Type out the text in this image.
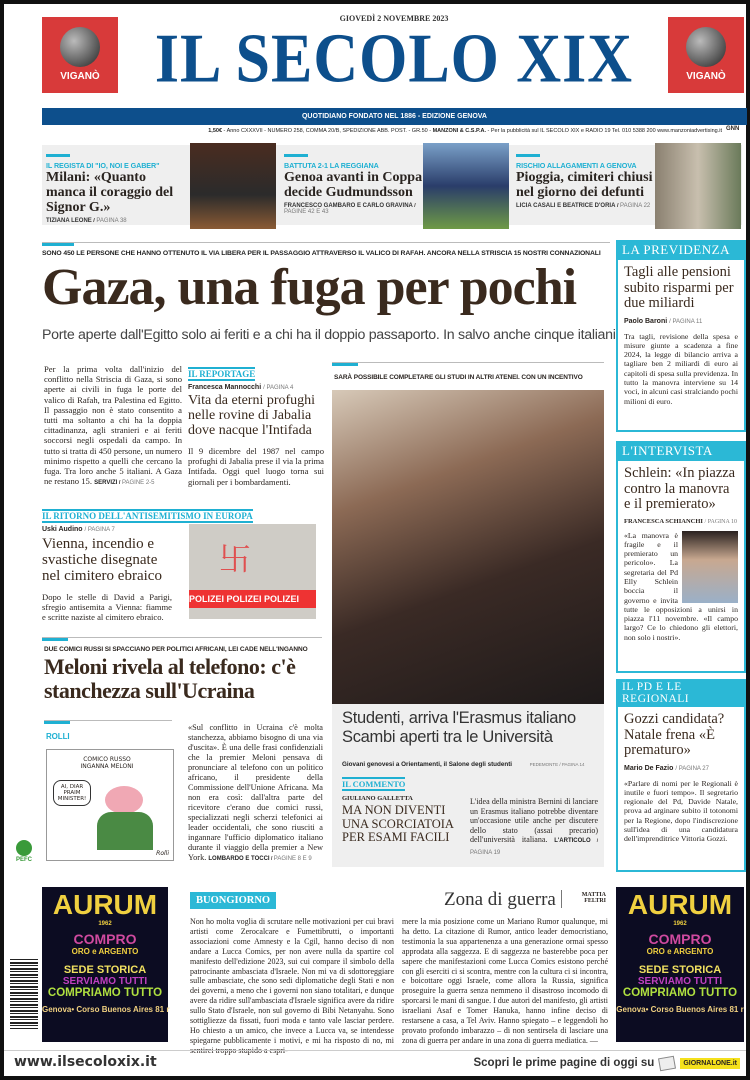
VIGANÒ	VIGANÒ
GIOVEDÌ 2 NOVEMBRE 2023
IL SECOLO XIX
QUOTIDIANO FONDATO NEL 1886 - EDIZIONE GENOVA
1,50€ - Anno CXXXVII - NUMERO 258, COMMA 20/B, SPEDIZIONE ABB. POST. - GR.50 - MANZONI & C.S.P.A. - Per la pubblicità sul IL SECOLO XIX e RADIO 19 Tel. 010 5388 200 www.manzoniadvertising.it GNN
IL REGISTA DI "IO, NOI E GABER"
Milani: «Quanto manca il coraggio del Signor G.»
TIZIANA LEONE / PAGINA 38
BATTUTA 2-1 LA REGGIANA
Genoa avanti in Coppa decide Gudmundsson
FRANCESCO GAMBARO E CARLO GRAVINA / PAGINE 42 E 43
RISCHIO ALLAGAMENTI A GENOVA
Pioggia, cimiteri chiusi nel giorno dei defunti
LICIA CASALI E BEATRICE D'ORIA / PAGINA 22
SONO 450 LE PERSONE CHE HANNO OTTENUTO IL VIA LIBERA PER IL PASSAGGIO ATTRAVERSO IL VALICO DI RAFAH. ANCORA NELLA STRISCIA 15 NOSTRI CONNAZIONALI
Gaza, una fuga per pochi
Porte aperte dall'Egitto solo ai feriti e a chi ha il doppio passaporto. In salvo anche cinque italiani
Per la prima volta dall'inizio del conflitto nella Striscia di Gaza, si sono aperte ai civili in fuga le porte del valico di Rafah, tra Palestina ed Egitto. Il passaggio non è stato consentito a tutti ma soltanto a chi ha la doppia cittadinanza, agli stranieri e ai feriti soccorsi negli ospedali da campo. In tutto si tratta di 450 persone, un numero minimo rispetto a quelli che cercano la fuga. Tra loro anche 5 italiani. A Gaza ne restano 15. SERVIZI / PAGINE 2-5
IL REPORTAGE
Francesca Mannocchi / PAGINA 4
Vita da eterni profughi nelle rovine di Jabalia dove nacque l'Intifada
Il 9 dicembre del 1987 nel campo profughi di Jabalia prese il via la prima Intifada. Oggi quel luogo torna sui giornali per i bombardamenti.
IL RITORNO DELL'ANTISEMITISMO IN EUROPA
Uski Audino / PAGINA 7
Vienna, incendio e svastiche disegnate nel cimitero ebraico
Dopo le stelle di David a Parigi, sfregio antisemita a Vienna: fiamme e scritte naziste al cimitero ebraico.
卐
POLIZEI POLIZEI POLIZEI
DUE COMICI RUSSI SI SPACCIANO PER POLITICI AFRICANI, LEI CADE NELL'INGANNO
Meloni rivela al telefono: c'è stanchezza sull'Ucraina
«Sul conflitto in Ucraina c'è molta stanchezza, abbiamo bisogno di una via d'uscita». È una delle frasi confidenziali che la premier Meloni pensava di pronunciare al telefono con un politico africano, il presidente della Commissione dell'Unione Africana. Ma non era così: dall'altra parte del ricevitore c'erano due comici russi, specializzati negli scherzi telefonici ai leader occidentali, che sono riusciti a ingannare l'ufficio diplomatico italiano durante il viaggio della premier a New York. LOMBARDO E TOCCI / PAGINE 8 E 9
ROLLI
COMICO RUSSO INGANNA MELONI
AI, DIAR PRAIM MINISTER!
Rolli
PEFC
SARÀ POSSIBILE COMPLETARE GLI STUDI IN ALTRI ATENEI. CON UN INCENTIVO
Studenti, arriva l'Erasmus italiano Scambi aperti tra le Università
Giovani genovesi a Orientamenti, il Salone degli studenti	PEDEMONTE / PAGINA 14
IL COMMENTO
GIULIANO GALLETTA
MA NON DIVENTI UNA SCORCIATOIA PER ESAMI FACILI
L'idea della ministra Bernini di lanciare un Erasmus italiano potrebbe diventare un'occasione utile anche per discutere dello stato (assai precario) dell'università italiana. L'ARTICOLO / PAGINA 19
LA PREVIDENZA
Tagli alle pensioni subito risparmi per due miliardi
Paolo Baroni / PAGINA 11
Tra tagli, revisione della spesa e misure giunte a scadenza a fine 2024, la legge di bilancio arriva a tagliare ben 2 miliardi di euro ai capitoli di spesa sulla previdenza. In tutto la manovra interviene su 14 voci, in alcuni casi stralciando pochi milioni di euro.
L'INTERVISTA
Schlein: «In piazza contro la manovra e il premierato»
FRANCESCA SCHIANCHI / PAGINA 10
«La manovra è fragile e il premierato un pericolo». La segretaria del Pd Elly Schlein boccia il governo e invita tutte le opposizioni a unirsi in piazza l'11 novembre. «Il campo largo? Ce lo chiedono gli elettori, non solo i nostri».
IL PD E LE REGIONALI
Gozzi candidata? Natale frena «È prematuro»
Mario De Fazio / PAGINA 27
«Parlare di nomi per le Regionali è inutile e fuori tempo». Il segretario regionale del Pd, Davide Natale, prova ad arginare subito il totonomi per la Regione, dopo l'indiscrezione sull'idea di una candidatura dell'imprenditrice Vittoria Gozzi.
AURUM
1962
COMPRO
ORO e ARGENTO
SEDE STORICA
SERVIAMO TUTTI
COMPRIAMO TUTTO
Genova• Corso Buenos Aires 81 r
AURUM
1962
COMPRO
ORO e ARGENTO
SEDE STORICA
SERVIAMO TUTTI
COMPRIAMO TUTTO
Genova• Corso Buenos Aires 81 r
BUONGIORNO	Zona di guerra	MATTIA FELTRI
Non ho molta voglia di scrutare nelle motivazioni per cui bravi artisti come Zerocalcare e Fumettibrutti, o importanti associazioni come Amnesty e la Cgil, hanno deciso di non andare a Lucca Comics, per non avere nulla da spartire col manifesto dell'edizione 2023, sui cui compare il simbolo della patrocinante ambasciata d'Israele. Non mi va di sdottoreggiare sulle ambasciate, che sono sedi diplomatiche degli Stati e non dei governi, a meno che i governi non siano totalitari, e dunque avere da ridire sull'ambasciata d'Israele significa avere da ridire sullo Stato d'Israele, non sul governo di Bibi Netanyahu. Sono sottigliezze da fissati, fuori moda e tanto vale lasciar perdere. Ho chiesto a un amico, che invece a Lucca va, se intendesse spiegarne pubblicamente i motivi, e mi ha risposto di no, mi sentirei troppo stupido a espri-
mere la mia posizione come un Mariano Rumor qualunque, mi ha detto. La citazione di Rumor, antico leader democristiano, testimonia la sua appartenenza a una generazione ormai spesso approdata alla saggezza. E di saggezza ne basterebbe poca per sapere che manifestazioni come Lucca Comics esistono perché con gli eserciti ci si scontra, mentre con la cultura ci si incontra, e boicottare oggi Israele, come allora la Russia, significa proseguire la guerra senza nemmeno il disastroso incomodo di sporcarsi le mani di sangue. I due autori del manifesto, gli artisti israeliani Asaf e Tomer Hanuka, hanno infine deciso di restarsene a casa, a Tel Aviv. Hanno spiegato – e leggendoli ho provato profondo imbarazzo – di non sentirsela di lasciare una zona di guerra per andare in una zona di guerra mediatica. —
www.ilsecoloxix.it	Scopri le prime pagine di oggi su	GIORNALONE.it
